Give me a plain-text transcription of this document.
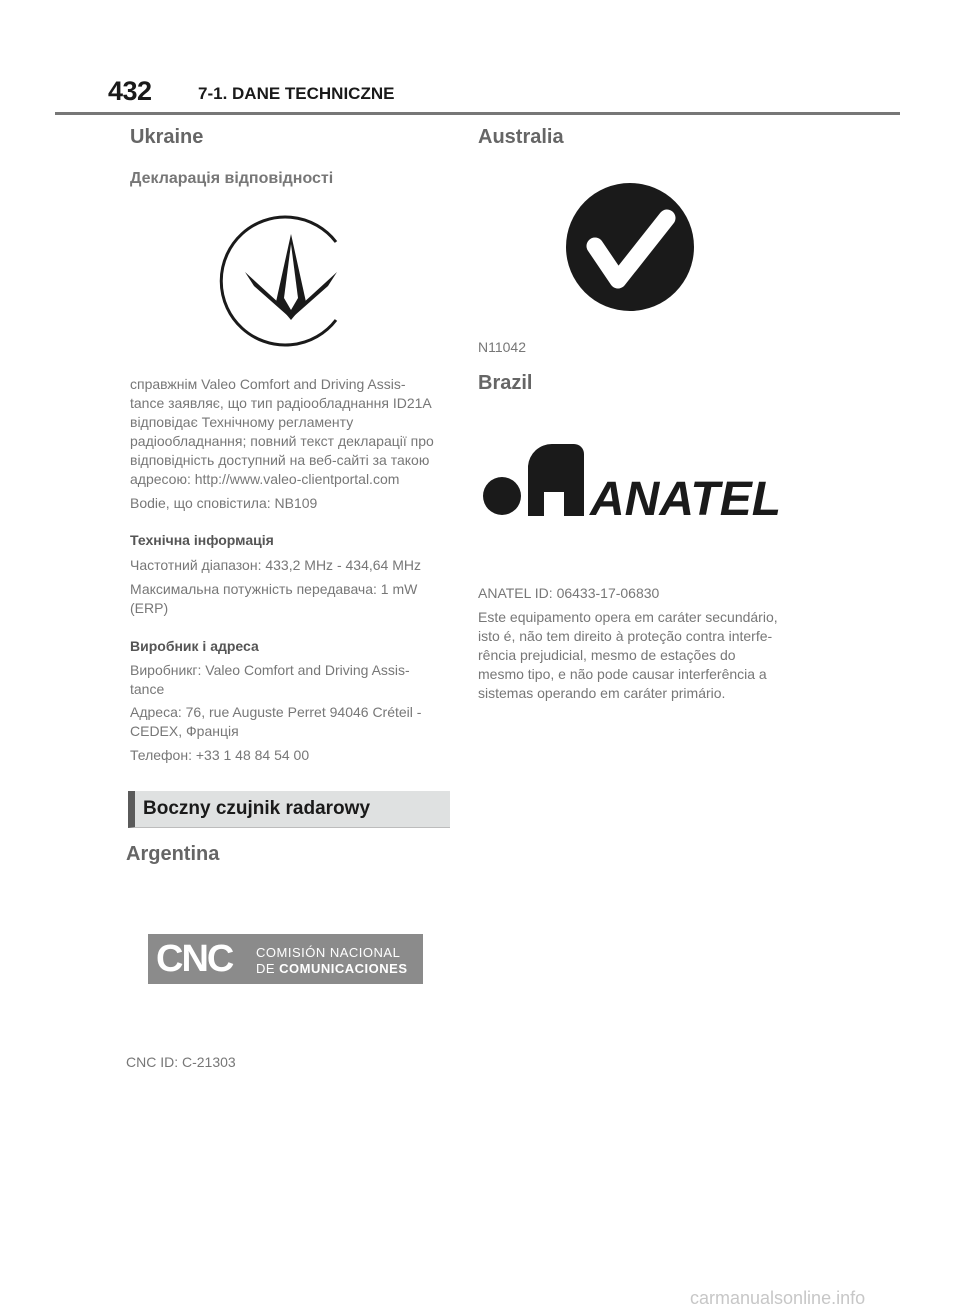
432	7-1. DANE TECHNICZNE
Ukraine
Декларація відповідності
справжнім Valeo Comfort and Driving Assis-
tance заявляє, що тип радіообладнання ID21A
відповідає Технічному регламенту
радіообладнання; повний текст декларації про
відповідність доступний на веб-сайті за такою
адресою: http://www.valeo-clientportal.com
Bodie, що сповістила: NB109
Технічна інформація
Частотний діапазон: 433,2 MHz - 434,64 MHz
Максимальна потужність передавача: 1 mW
(ERP)
Виробник і адреса
Виробникг: Valeo Comfort and Driving Assis-
tance
Адреса: 76, rue Auguste Perret 94046 Créteil -
CEDEX, Франція
Телефон: +33 1 48 84 54 00
Boczny czujnik radarowy
Argentina
CNC COMISIÓN NACIONAL
DE COMUNICACIONES
CNC ID: C-21303
Australia
N11042
Brazil
ANATEL
ANATEL ID: 06433-17-06830
Este equipamento opera em caráter secundário,
isto é, não tem direito à proteção contra interfe-
rência prejudicial, mesmo de estações do
mesmo tipo, e não pode causar interferência a
sistemas operando em caráter primário.
carmanualsonline.info
